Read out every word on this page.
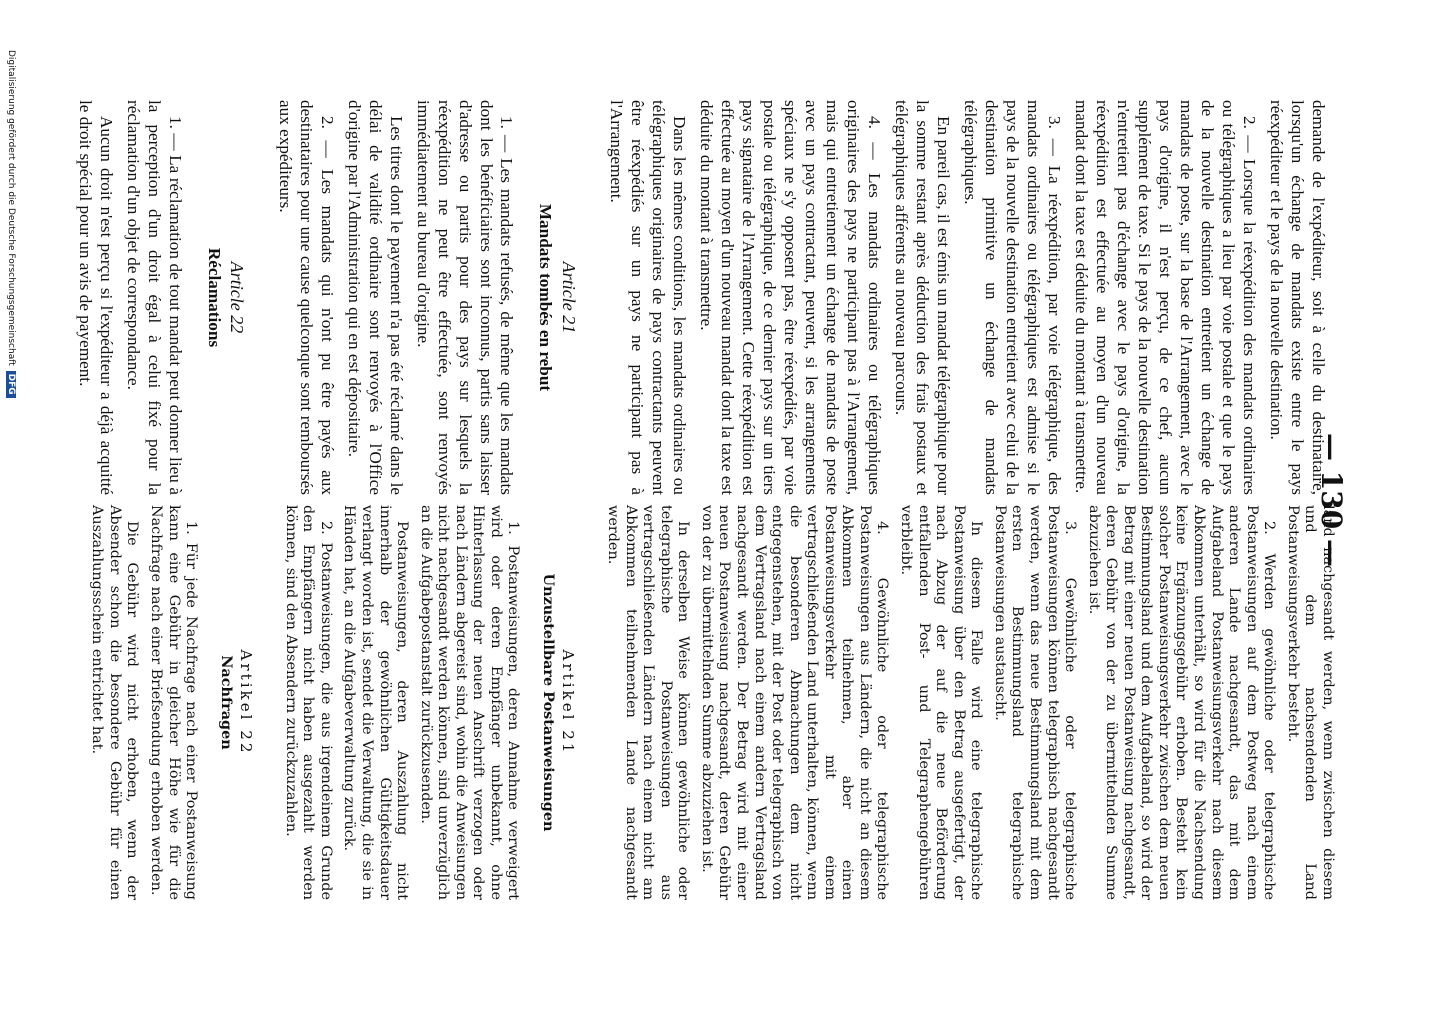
— 130 —

demande de l'expéditeur, soit à celle du destinataire, lorsqu'un échange de mandats existe entre le pays réexpéditeur et le pays de la nouvelle destination.

2. — Lorsque la réexpédition des mandats ordinaires ou télégraphiques a lieu par voie postale et que le pays de la nouvelle destination entretient un échange de mandats de poste, sur la base de l'Arrangement, avec le pays d'origine, il n'est perçu, de ce chef, aucun supplément de taxe. Si le pays de la nouvelle destination n'entretient pas d'échange avec le pays d'origine, la réexpédition est effectuée au moyen d'un nouveau mandat dont la taxe est déduite du montant à transmettre.

3. — La réexpédition, par voie télégraphique, des mandats ordinaires ou télégraphiques est admise si le pays de la nouvelle destination entretient avec celui de la destination primitive un échange de mandats télégraphiques.

En pareil cas, il est émis un mandat télégraphique pour la somme restant après déduction des frais postaux et télégraphiques afférents au nouveau parcours.

4. — Les mandats ordinaires ou télégraphiques originaires des pays ne participant pas à l'Arrangement, mais qui entretiennent un échange de mandats de poste avec un pays contractant, peuvent, si les arrangements spéciaux ne s'y opposent pas, être réexpédiés, par voie postale ou télégraphique, de ce dernier pays sur un tiers pays signataire de l'Arrangement. Cette réexpédition est effectuée au moyen d'un nouveau mandat dont la taxe est déduite du montant à transmettre.

Dans les mêmes conditions, les mandats ordinaires ou télégraphiques originaires de pays contractants peuvent être réexpédiés sur un pays ne participant pas à l'Arrangement.

Article 21
Mandats tombés en rebut

1. — Les mandats refusés, de même que les mandats dont les bénéficiaires sont inconnus, partis sans laisser d'adresse ou partis pour des pays sur lesquels la réexpédition ne peut être effectuée, sont renvoyés immédiatement au bureau d'origine.

Les titres dont le payement n'a pas été réclamé dans le délai de validité ordinaire sont renvoyés à l'Office d'origine par l'Administration qui en est dépositaire.

2. — Les mandats qui n'ont pu être payés aux destinataires pour une cause quelconque sont remboursés aux expéditeurs.

Article 22
Réclamations

1. — La réclamation de tout mandat peut donner lieu à la perception d'un droit égal à celui fixé pour la réclamation d'un objet de correspondance.

Aucun droit n'est perçu si l'expéditeur a déjà acquitté le droit spécial pour un avis de payement.

land nachgesandt werden, wenn zwischen diesem und dem nachsendenden Land Postanweisungsverkehr besteht.

2. Werden gewöhnliche oder telegraphische Postanweisungen auf dem Postweg nach einem anderen Lande nachgesandt, das mit dem Aufgabeland Postanweisungsverkehr nach diesem Abkommen unterhält, so wird für die Nachsendung keine Ergänzungsgebühr erhoben. Besteht kein solcher Postanweisungsverkehr zwischen dem neuen Bestimmungsland und dem Aufgabeland, so wird der Betrag mit einer neuen Postanweisung nachgesandt, deren Gebühr von der zu übermittelnden Summe abzuziehen ist.

3. Gewöhnliche oder telegraphische Postanweisungen können telegraphisch nachgesandt werden, wenn das neue Bestimmungsland mit dem ersten Bestimmungsland telegraphische Postanweisungen austauscht.

In diesem Falle wird eine telegraphische Postanweisung über den Betrag ausgefertigt, der nach Abzug der auf die neue Beförderung entfallenden Post- und Telegraphengebühren verbleibt.

4. Gewöhnliche oder telegraphische Postanweisungen aus Ländern, die nicht an diesem Abkommen teilnehmen, aber einen Postanweisungsverkehr mit einem vertragschließenden Land unterhalten, können, wenn die besonderen Abmachungen dem nicht entgegenstehen, mit der Post oder telegraphisch von dem Vertragsland nach einem andern Vertragsland nachgesandt werden. Der Betrag wird mit einer neuen Postanweisung nachgesandt, deren Gebühr von der zu übermittelnden Summe abzuziehen ist.

In derselben Weise können gewöhnliche oder telegraphische Postanweisungen aus vertragschließenden Ländern nach einem nicht am Abkommen teilnehmenden Lande nachgesandt werden.

Artikel 21
Unzustellbare Postanweisungen

1. Postanweisungen, deren Annahme verweigert wird oder deren Empfänger unbekannt, ohne Hinterlassung der neuen Anschrift verzogen oder nach Ländern abgereist sind, wohin die Anweisungen nicht nachgesandt werden können, sind unverzüglich an die Aufgabepostanstalt zurückzusenden.

Postanweisungen, deren Auszahlung nicht innerhalb der gewöhnlichen Gültigkeitsdauer verlangt worden ist, sendet die Verwaltung, die sie in Händen hat, an die Aufgabeverwaltung zurück.

2. Postanweisungen, die aus irgendeinem Grunde den Empfängern nicht haben ausgezahlt werden können, sind den Absendern zurückzuzahlen.

Artikel 22
Nachfragen

1. Für jede Nachfrage nach einer Postanweisung kann eine Gebühr in gleicher Höhe wie für die Nachfrage nach einer Briefsendung erhoben werden.

Die Gebühr wird nicht erhoben, wenn der Absender schon die besondere Gebühr für einen Auszahlungsschein entrichtet hat.

Digitalisierung gefördert durch die Deutsche Forschungsgemeinschaft DFG
